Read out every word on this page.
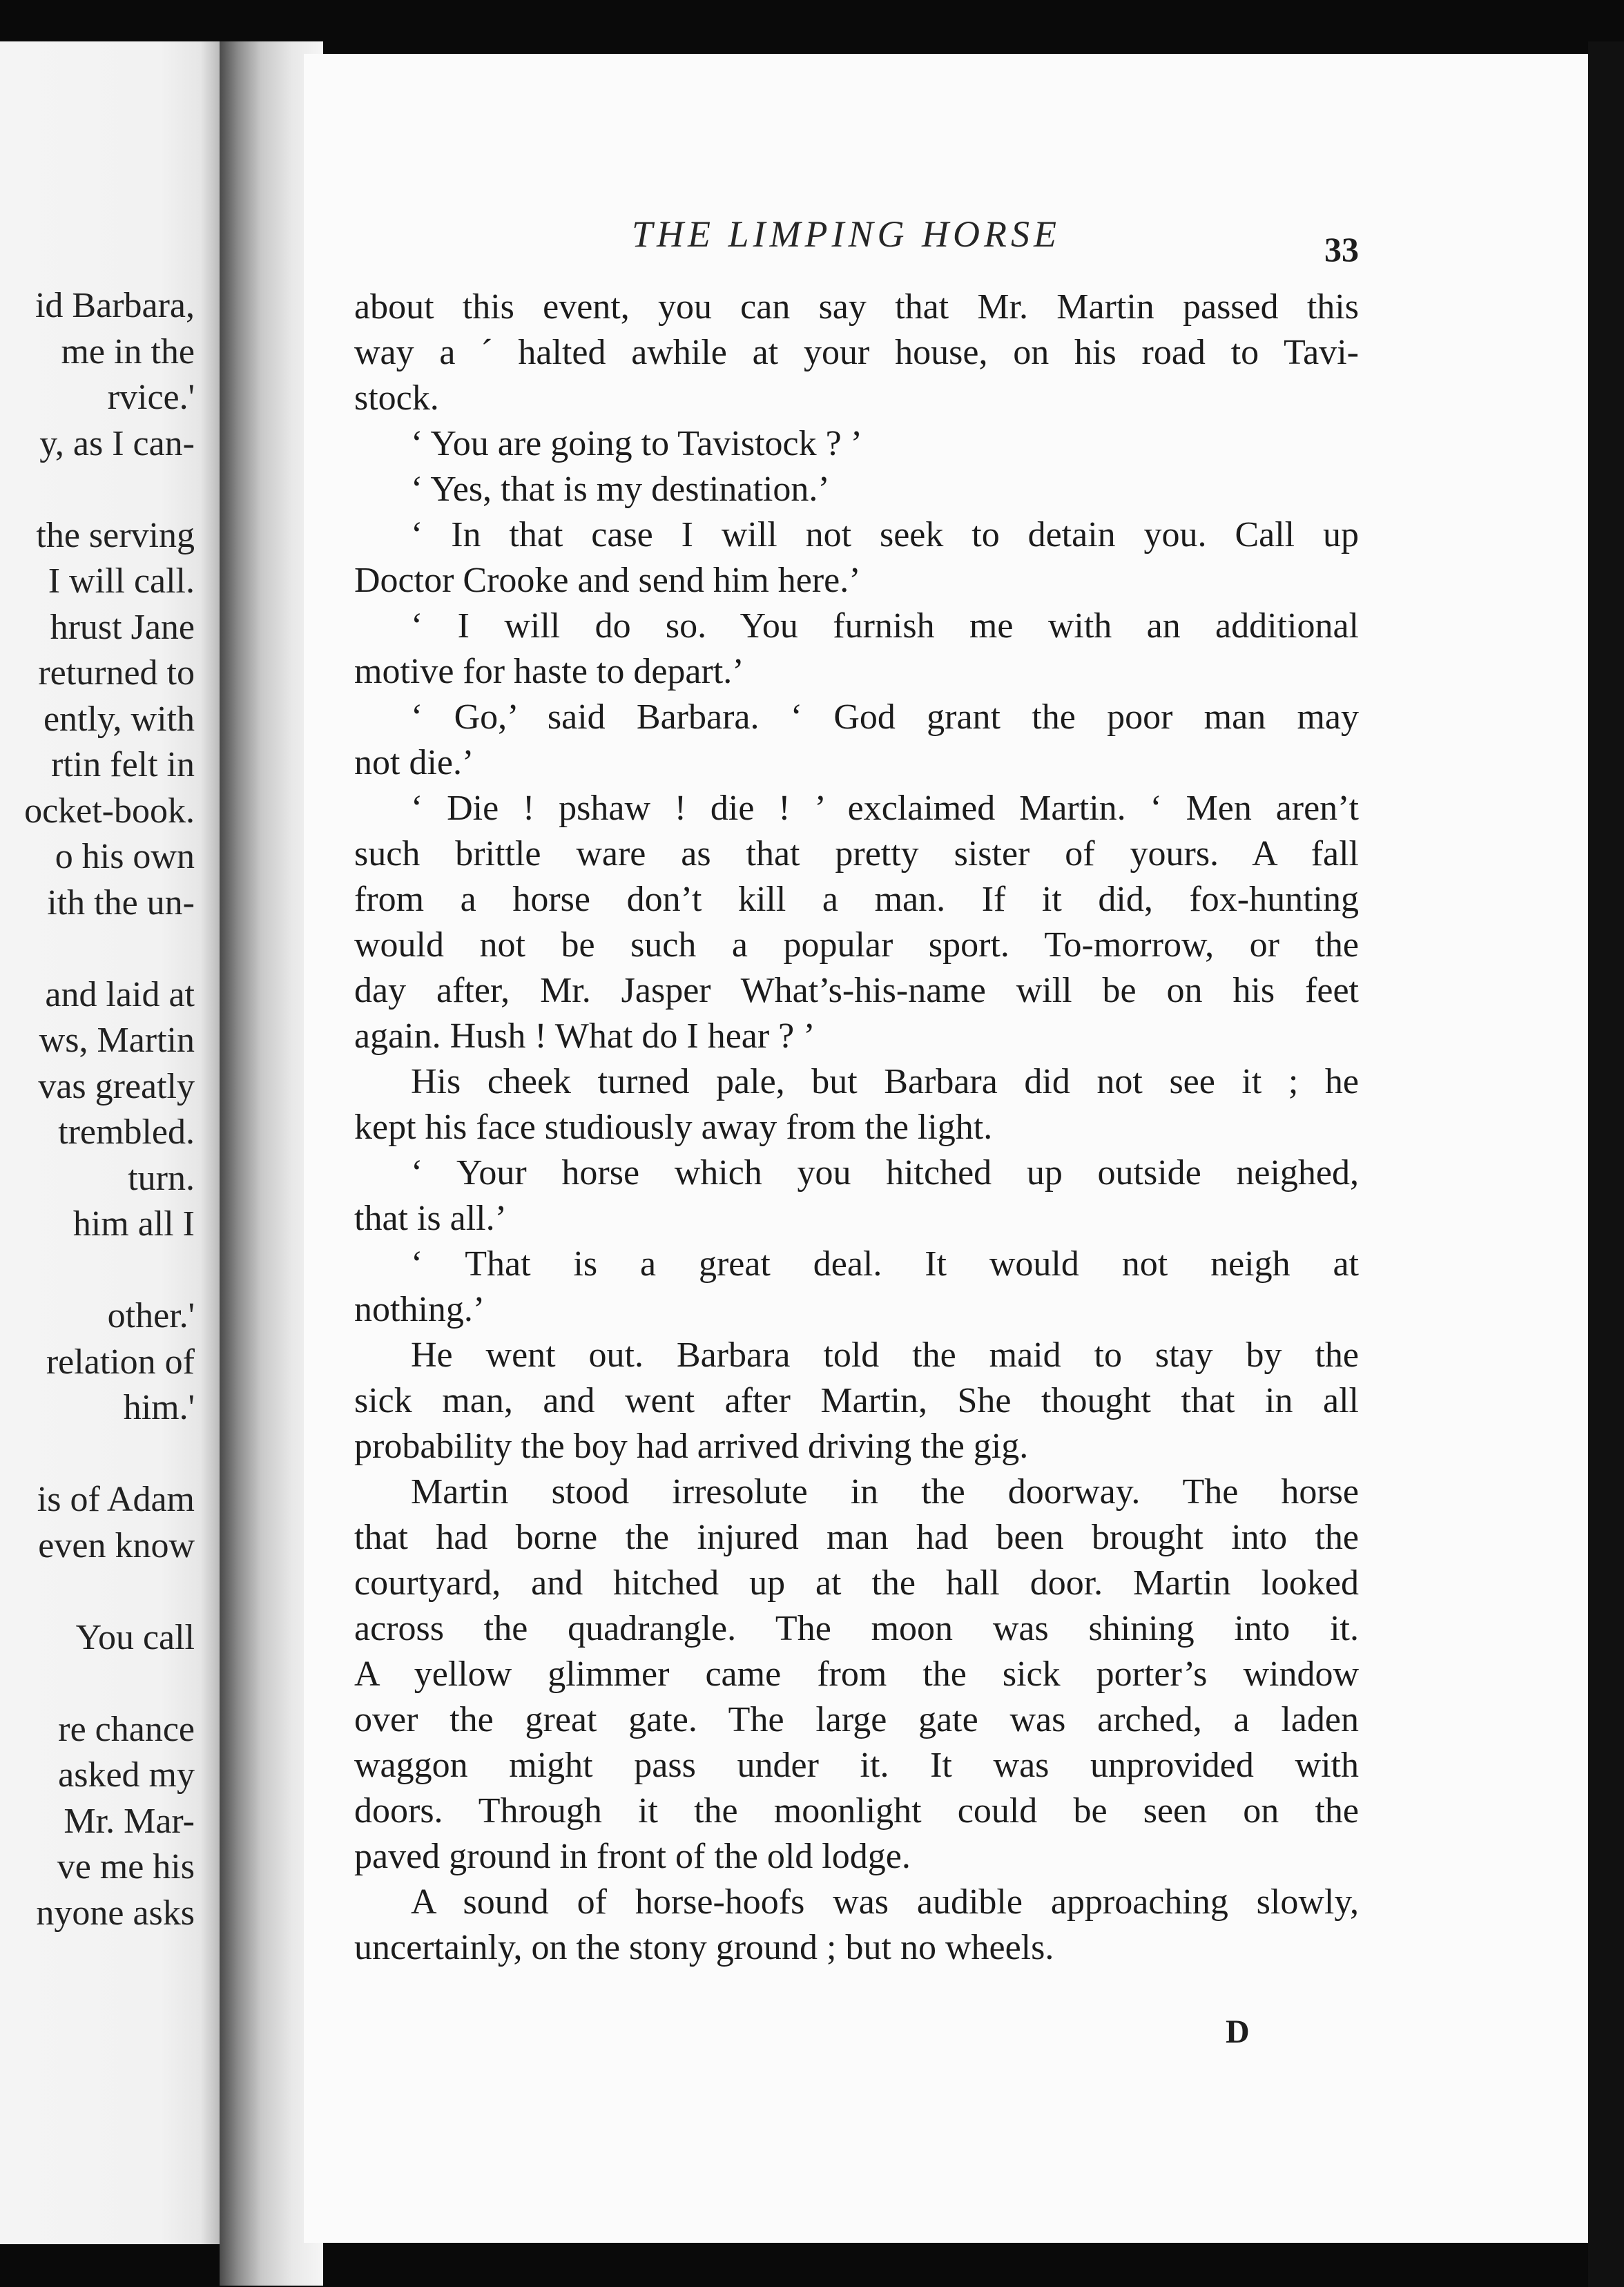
id Barbara,
me in the
rvice.'
y, as I can-

the serving
I will call.
hrust Jane
returned to
ently, with
rtin felt in
ocket-book.
o his own
ith the un-

and laid at
ws, Martin
vas greatly
trembled.
turn.
him all I

other.'
relation of
him.'

is of Adam
even know

You call

re chance
asked my
Mr. Mar-
ve me his
nyone asks
THE LIMPING HORSE	33
about this event, you can say that Mr. Martin passed this
way a ´ halted awhile at your house, on his road to Tavi-
stock.
‘ You are going to Tavistock ? ’
‘ Yes, that is my destination.’
‘ In that case I will not seek to detain you. Call up
Doctor Crooke and send him here.’
‘ I will do so. You furnish me with an additional
motive for haste to depart.’
‘ Go,’ said Barbara. ‘ God grant the poor man may
not die.’
‘ Die ! pshaw ! die ! ’ exclaimed Martin. ‘ Men aren’t
such brittle ware as that pretty sister of yours. A fall
from a horse don’t kill a man. If it did, fox-hunting
would not be such a popular sport. To-morrow, or the
day after, Mr. Jasper What’s-his-name will be on his feet
again. Hush ! What do I hear ? ’
His cheek turned pale, but Barbara did not see it ; he
kept his face studiously away from the light.
‘ Your horse which you hitched up outside neighed,
that is all.’
‘ That is a great deal. It would not neigh at
nothing.’
He went out. Barbara told the maid to stay by the
sick man, and went after Martin, She thought that in all
probability the boy had arrived driving the gig.
Martin stood irresolute in the doorway. The horse
that had borne the injured man had been brought into the
courtyard, and hitched up at the hall door. Martin looked
across the quadrangle. The moon was shining into it.
A yellow glimmer came from the sick porter’s window
over the great gate. The large gate was arched, a laden
waggon might pass under it. It was unprovided with
doors. Through it the moonlight could be seen on the
paved ground in front of the old lodge.
A sound of horse-hoofs was audible approaching slowly,
uncertainly, on the stony ground ; but no wheels.
D
